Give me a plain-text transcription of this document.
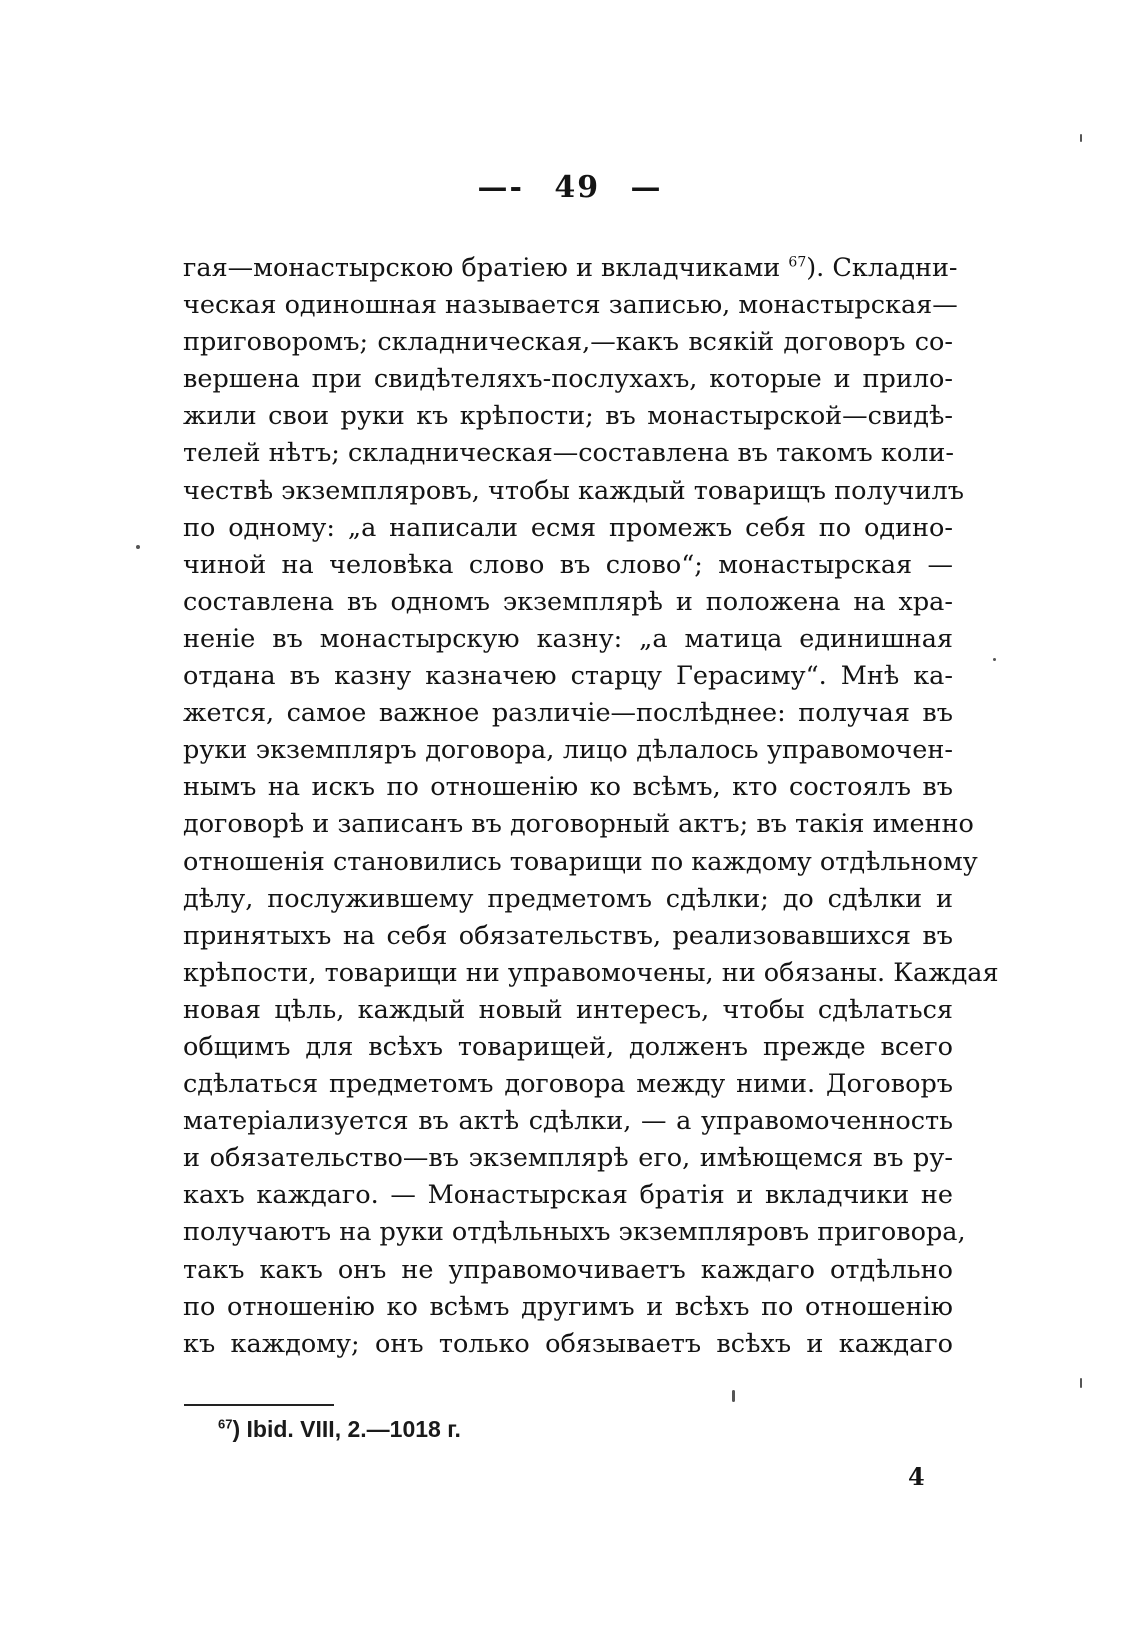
—- 49 —
гая—монастырскою братіею и вкладчиками $^{67}$). Складни-
ческая одиношная называется записью, монастырская—
приговоромъ; складническая,—какъ всякій договоръ со-
вершена при свидѣтеляхъ-послухахъ, которые и прило-
жили свои руки къ крѣпости; въ монастырской—свидѣ-
телей нѣтъ; складническая—составлена въ такомъ коли-
чествѣ экземпляровъ, чтобы каждый товарищъ получилъ
по одному: „а написали есмя промежъ себя по одино-
чиной на человѣка слово въ слово“; монастырская —
составлена въ одномъ экземплярѣ и положена на хра-
неніе въ монастырскую казну: „а матица единишная
отдана въ казну казначею старцу Герасиму“. Мнѣ ка-
жется, самое важное различіе—послѣднее: получая въ
руки экземпляръ договора, лицо дѣлалось управомочен-
нымъ на искъ по отношенію ко всѣмъ, кто состоялъ въ
договорѣ и записанъ въ договорный актъ; въ такія именно
отношенія становились товарищи по каждому отдѣльному
дѣлу, послужившему предметомъ сдѣлки; до сдѣлки и
принятыхъ на себя обязательствъ, реализовавшихся въ
крѣпости, товарищи ни управомочены, ни обязаны. Каждая
новая цѣль, каждый новый интересъ, чтобы сдѣлаться
общимъ для всѣхъ товарищей, долженъ прежде всего
сдѣлаться предметомъ договора между ними. Договоръ
матеріализуется въ актѣ сдѣлки, — а управомоченность
и обязательство—въ экземплярѣ его, имѣющемся въ ру-
кахъ каждаго. — Монастырская братія и вкладчики не
получаютъ на руки отдѣльныхъ экземпляровъ приговора,
такъ какъ онъ не управомочиваетъ каждаго отдѣльно
по отношенію ко всѣмъ другимъ и всѣхъ по отношенію
къ каждому; онъ только обязываетъ всѣхъ и каждаго
$^{67}$) Ibid. VIII, 2.—1018 г.
4
